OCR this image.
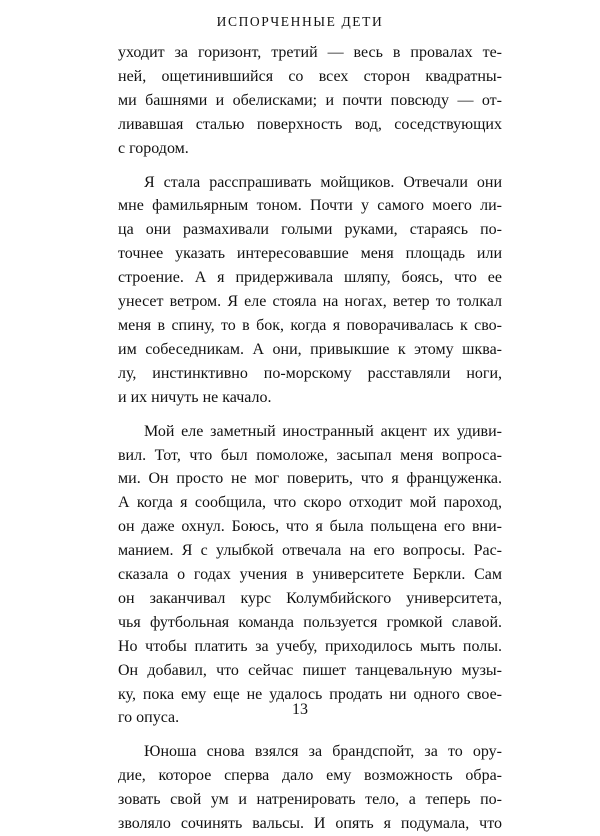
ИСПОРЧЕННЫЕ ДЕТИ

уходит за горизонт, третий — весь в провалах те-
ней, ощетинившийся со всех сторон квадратны-
ми башнями и обелисками; и почти повсюду — от-
ливавшая сталью поверхность вод, соседствующих
с городом.

Я стала расспрашивать мойщиков. Отвечали они
мне фамильярным тоном. Почти у самого моего ли-
ца они размахивали голыми руками, стараясь по-
точнее указать интересовавшие меня площадь или
строение. А я придерживала шляпу, боясь, что ее
унесет ветром. Я еле стояла на ногах, ветер то толкал
меня в спину, то в бок, когда я поворачивалась к сво-
им собеседникам. А они, привыкшие к этому шква-
лу, инстинктивно по-морскому расставляли ноги,
и их ничуть не качало.

Мой еле заметный иностранный акцент их удиви-
вил. Тот, что был помоложе, засыпал меня вопроса-
ми. Он просто не мог поверить, что я француженка.
А когда я сообщила, что скоро отходит мой пароход,
он даже охнул. Боюсь, что я была польщена его вни-
манием. Я с улыбкой отвечала на его вопросы. Рас-
сказала о годах учения в университете Беркли. Сам
он заканчивал курс Колумбийского университета,
чья футбольная команда пользуется громкой славой.
Но чтобы платить за учебу, приходилось мыть полы.
Он добавил, что сейчас пишет танцевальную музы-
ку, пока ему еще не удалось продать ни одного свое-
го опуса.

Юноша снова взялся за брандспойт, за то ору-
дие, которое сперва дало ему возможность обра-
зовать свой ум и натренировать тело, а теперь по-
зволяло сочинять вальсы. И опять я подумала, что

13
